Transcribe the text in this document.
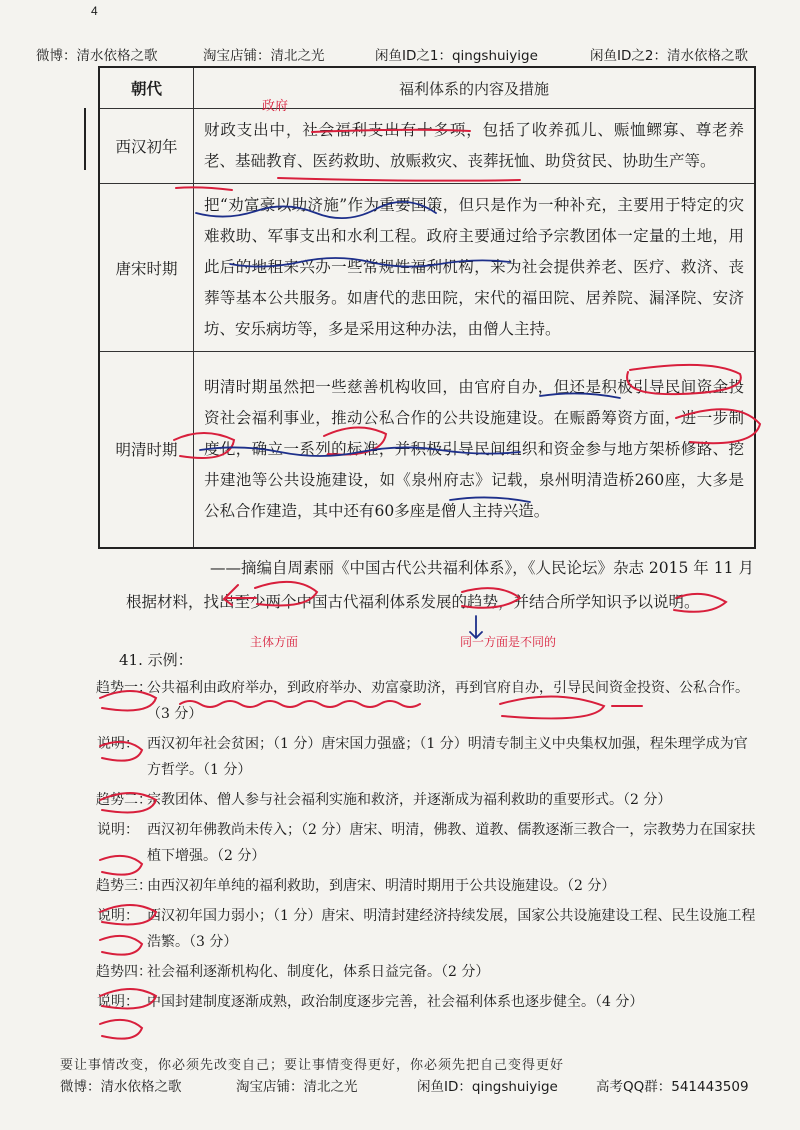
4
微博：清水依格之歌	淘宝店铺：清北之光	闲鱼ID之1：qingshuiyige	闲鱼ID之2：清水依格之歌
朝代	福利体系的内容及措施
西汉初年	财政支出中，社会福利支出有十多项，包括了收养孤儿、赈恤鳏寡、尊老养老、基础教育、医药救助、放赈救灾、丧葬抚恤、助贷贫民、协助生产等。
唐宋时期	把“劝富豪以助济施”作为重要国策，但只是作为一种补充，主要用于特定的灾难救助、军事支出和水利工程。政府主要通过给予宗教团体一定量的土地，用此后的地租来兴办一些常规性福利机构，来为社会提供养老、医疗、救济、丧葬等基本公共服务。如唐代的悲田院，宋代的福田院、居养院、漏泽院、安济坊、安乐病坊等，多是采用这种办法，由僧人主持。
明清时期	明清时期虽然把一些慈善机构收回，由官府自办，但还是积极引导民间资金投资社会福利事业，推动公私合作的公共设施建设。在赈爵筹资方面，进一步制度化，确立一系列的标准，并积极引导民间组织和资金参与地方架桥修路、挖井建池等公共设施建设，如《泉州府志》记载，泉州明清造桥260座，大多是公私合作建造，其中还有60多座是僧人主持兴造。
——摘编自周素丽《中国古代公共福利体系》，《人民论坛》杂志 2015 年 11 月
根据材料，找出至少两个中国古代福利体系发展的趋势，并结合所学知识予以说明。
41. 示例：
趋势一：
公共福利由政府举办，到政府举办、劝富豪助济，再到官府自办，引导民间资金投资、公私合作。（3 分）
说明： 西汉初年社会贫困；（1 分）唐宋国力强盛；（1 分）明清专制主义中央集权加强，程朱理学成为官方哲学。（1 分）
趋势二：
宗教团体、僧人参与社会福利实施和救济，并逐渐成为福利救助的重要形式。（2 分）
说明： 西汉初年佛教尚未传入；（2 分）唐宋、明清，佛教、道教、儒教逐渐三教合一，宗教势力在国家扶植下增强。（2 分）
趋势三：
由西汉初年单纯的福利救助，到唐宋、明清时期用于公共设施建设。（2 分）
说明： 西汉初年国力弱小；（1 分）唐宋、明清封建经济持续发展，国家公共设施建设工程、民生设施工程浩繁。（3 分）
趋势四：
社会福利逐渐机构化、制度化，体系日益完备。（2 分）
说明： 中国封建制度逐渐成熟，政治制度逐步完善，社会福利体系也逐步健全。（4 分）
要让事情改变，你必须先改变自己；要让事情变得更好，你必须先把自己变得更好
微博：清水依格之歌	淘宝店铺：清北之光	闲鱼ID：qingshuiyige	高考QQ群：541443509
政府
主体方面	同一方面是不同的
